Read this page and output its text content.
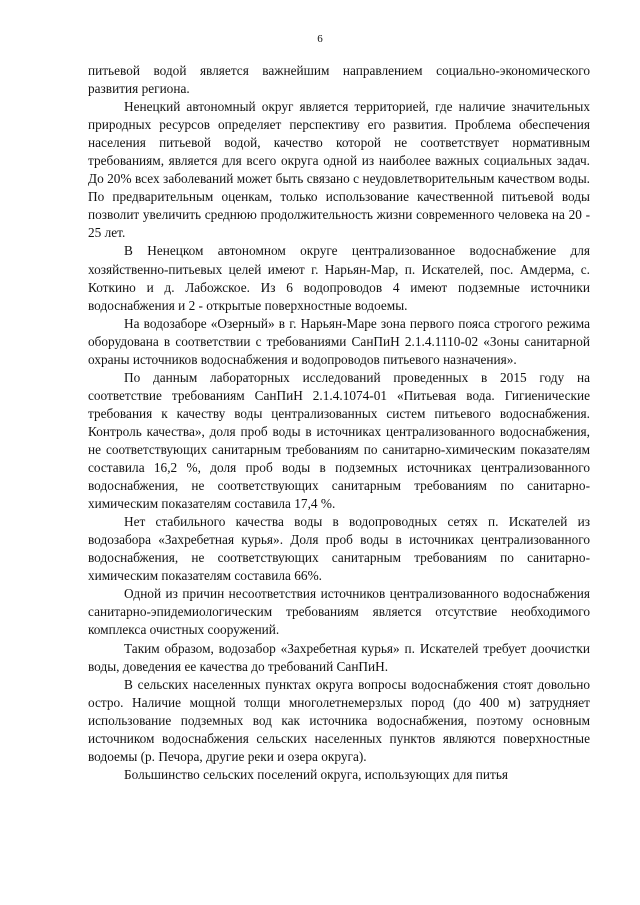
6

питьевой водой является важнейшим направлением социально-экономического развития региона.

Ненецкий автономный округ является территорией, где наличие значительных природных ресурсов определяет перспективу его развития. Проблема обеспечения населения питьевой водой, качество которой не соответствует нормативным требованиям, является для всего округа одной из наиболее важных социальных задач. До 20% всех заболеваний может быть связано с неудовлетворительным качеством воды. По предварительным оценкам, только использование качественной питьевой воды позволит увеличить среднюю продолжительность жизни современного человека на 20 - 25 лет.

В Ненецком автономном округе централизованное водоснабжение для хозяйственно-питьевых целей имеют г. Нарьян-Мар, п. Искателей, пос. Амдерма, с. Коткино и д. Лабожское. Из 6 водопроводов 4 имеют подземные источники водоснабжения и 2 - открытые поверхностные водоемы.

На водозаборе «Озерный» в г. Нарьян-Маре зона первого пояса строгого режима оборудована в соответствии с требованиями СанПиН 2.1.4.1110-02 «Зоны санитарной охраны источников водоснабжения и водопроводов питьевого назначения».

По данным лабораторных исследований проведенных в 2015 году на соответствие требованиям СанПиН 2.1.4.1074-01 «Питьевая вода. Гигиенические требования к качеству воды централизованных систем питьевого водоснабжения. Контроль качества», доля проб воды в источниках централизованного водоснабжения, не соответствующих санитарным требованиям по санитарно-химическим показателям составила 16,2 %, доля проб воды в подземных источниках централизованного водоснабжения, не соответствующих санитарным требованиям по санитарно-химическим показателям составила 17,4 %.

Нет стабильного качества воды в водопроводных сетях п. Искателей из водозабора «Захребетная курья». Доля проб воды в источниках централизованного водоснабжения, не соответствующих санитарным требованиям по санитарно-химическим показателям составила 66%.

Одной из причин несоответствия источников централизованного водоснабжения санитарно-эпидемиологическим требованиям является отсутствие необходимого комплекса очистных сооружений.

Таким образом, водозабор «Захребетная курья» п. Искателей требует доочистки воды, доведения ее качества до требований СанПиН.

В сельских населенных пунктах округа вопросы водоснабжения стоят довольно остро. Наличие мощной толщи многолетнемерзлых пород (до 400 м) затрудняет использование подземных вод как источника водоснабжения, поэтому основным источником водоснабжения сельских населенных пунктов являются поверхностные водоемы (р. Печора, другие реки и озера округа).

Большинство сельских поселений округа, использующих для питья
